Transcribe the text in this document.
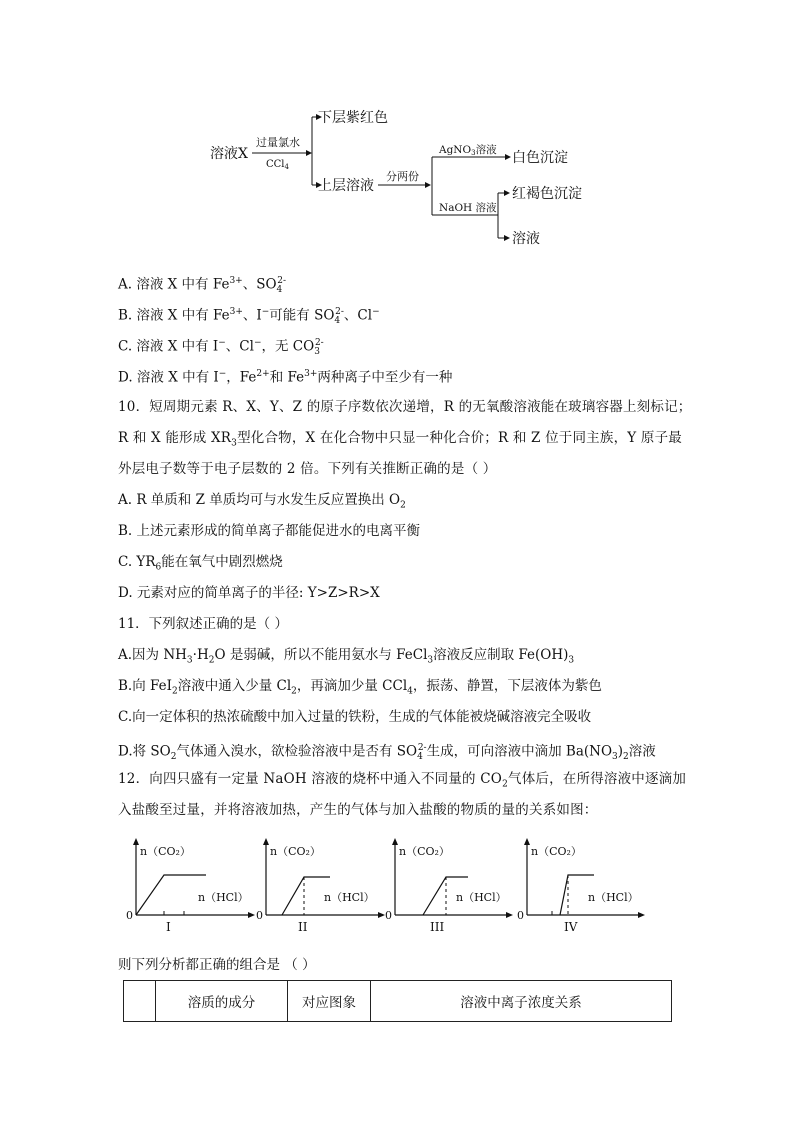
溶液X
过量氯水
CCl$_4$
下层紫红色
上层溶液
分两份
AgNO3溶液 白色沉淀
NaOH 溶液
红褐色沉淀
溶液
A. 溶液 X 中有 $Fe^{3+}$、$SO_4^{2-}$
B. 溶液 X 中有 $Fe^{3+}$、I−可能有 $SO_4^{2-}$、Cl−
C. 溶液 X 中有 I−、Cl−，无 $CO_3^{2-}$
D. 溶液 X 中有 I−，$Fe^{2+}$和 $Fe^{3+}$两种离子中至少有一种
10．短周期元素 R、X、Y、Z 的原子序数依次递增，R 的无氧酸溶液能在玻璃容器上刻标记；
R 和 X 能形成 $XR_3$型化合物，X 在化合物中只显一种化合价；R 和 Z 位于同主族，Y 原子最
外层电子数等于电子层数的 2 倍。下列有关推断正确的是（ ）
A. R 单质和 Z 单质均可与水发生反应置换出 $O_2$
B. 上述元素形成的简单离子都能促进水的电离平衡
C. $YR_6$能在氧气中剧烈燃烧
D. 元素对应的简单离子的半径: Y>Z>R>X
11．下列叙述正确的是（ ）
A.因为 $NH_3\cdot H_2O$ 是弱碱，所以不能用氨水与 FeCl$_3$溶液反应制取 $Fe(OH)_3$
B.向 FeI$_2$溶液中通入少量 $Cl_2$，再滴加少量 CCl$_4$，振荡、静置，下层液体为紫色
C.向一定体积的热浓硫酸中加入过量的铁粉，生成的气体能被烧碱溶液完全吸收
D.将 $SO_2$气体通入溴水，欲检验溶液中是否有 $SO_4^{2-}$生成，可向溶液中滴加 $Ba(NO_3)_2$溶液
12．向四只盛有一定量 NaOH 溶液的烧杯中通入不同量的 $CO_2$气体后，在所得溶液中逐滴加
入盐酸至过量，并将溶液加热，产生的气体与加入盐酸的物质的量的关系如图：
n（CO₂）
n（HCl）
0
I
n（CO₂）
n（HCl）
0
II
n（CO₂）
n（HCl）
0
III
n（CO₂）
n（HCl）
0
IV
则下列分析都正确的组合是 （ ）
	溶质的成分	对应图象	溶液中离子浓度关系
